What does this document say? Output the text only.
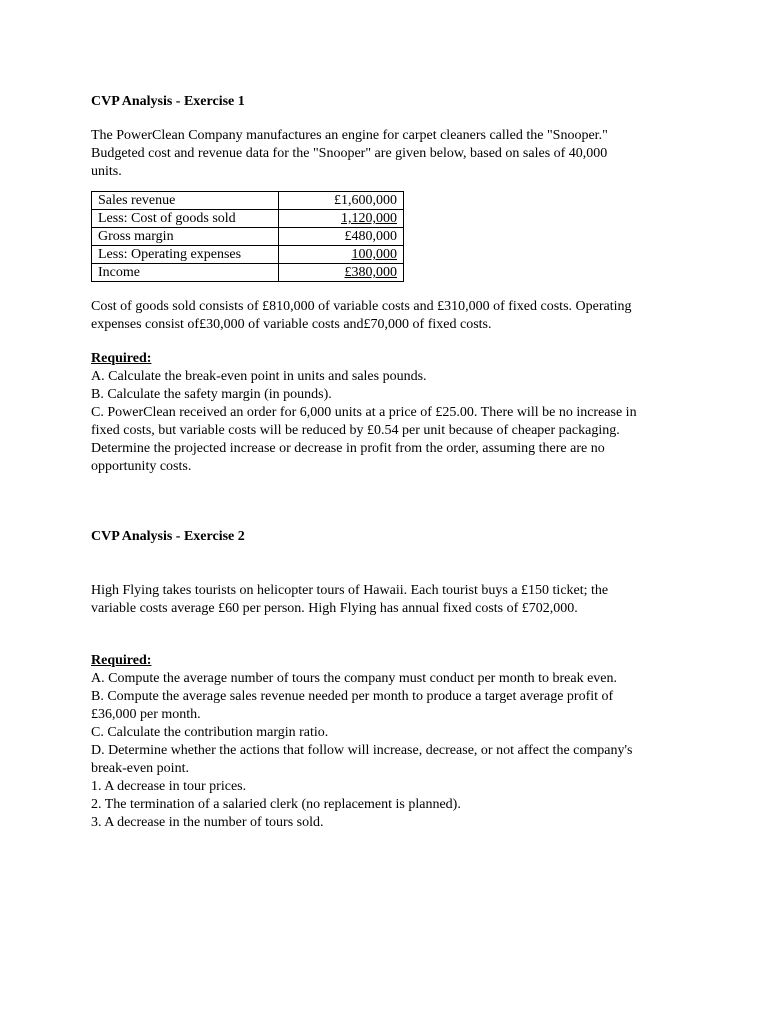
CVP Analysis - Exercise 1

The PowerClean Company manufactures an engine for carpet cleaners called the "Snooper."
Budgeted cost and revenue data for the "Snooper" are given below, based on sales of 40,000
units.

Sales revenue	£1,600,000
Less: Cost of goods sold	1,120,000
Gross margin	£480,000
Less: Operating expenses	100,000
Income	£380,000

Cost of goods sold consists of £810,000 of variable costs and £310,000 of fixed costs. Operating
expenses consist of£30,000 of variable costs and£70,000 of fixed costs.

Required:
A. Calculate the break-even point in units and sales pounds.
B. Calculate the safety margin (in pounds).
C. PowerClean received an order for 6,000 units at a price of £25.00. There will be no increase in
fixed costs, but variable costs will be reduced by £0.54 per unit because of cheaper packaging.
Determine the projected increase or decrease in profit from the order, assuming there are no
opportunity costs.

CVP Analysis - Exercise 2

High Flying takes tourists on helicopter tours of Hawaii. Each tourist buys a £150 ticket; the
variable costs average £60 per person. High Flying has annual fixed costs of £702,000.

Required:
A. Compute the average number of tours the company must conduct per month to break even.
B. Compute the average sales revenue needed per month to produce a target average profit of
£36,000 per month.
C. Calculate the contribution margin ratio.
D. Determine whether the actions that follow will increase, decrease, or not affect the company's
break-even point.
1. A decrease in tour prices.
2. The termination of a salaried clerk (no replacement is planned).
3. A decrease in the number of tours sold.
